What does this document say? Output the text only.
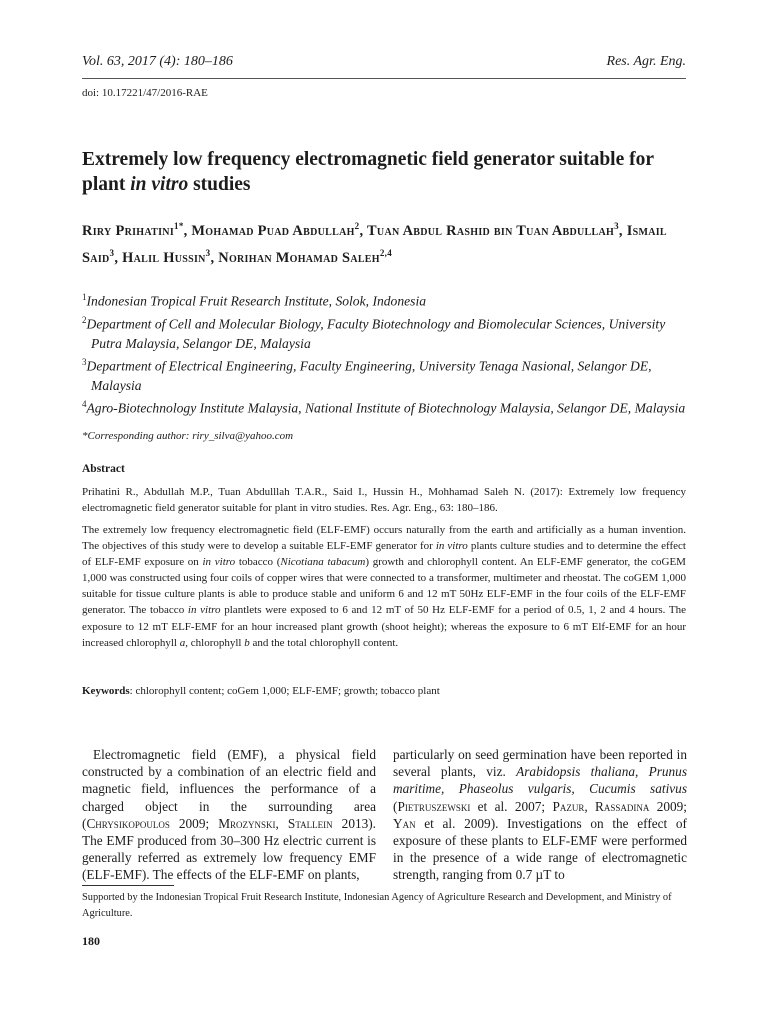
Vol. 63, 2017 (4): 180–186	Res. Agr. Eng.
doi: 10.17221/47/2016-RAE
Extremely low frequency electromagnetic field generator suitable for plant in vitro studies

Riry Prihatini$^{1*}$, Mohamad Puad Abdullah$^2$, Tuan Abdul Rashid bin Tuan Abdullah$^3$, Ismail Said$^3$, Halil Hussin$^3$, Norihan Mohamad Saleh$^{2,4}$

$^1$Indonesian Tropical Fruit Research Institute, Solok, Indonesia
$^2$Department of Cell and Molecular Biology, Faculty Biotechnology and Biomolecular Sciences, University Putra Malaysia, Selangor DE, Malaysia
$^3$Department of Electrical Engineering, Faculty Engineering, University Tenaga Nasional, Selangor DE, Malaysia
$^4$Agro-Biotechnology Institute Malaysia, National Institute of Biotechnology Malaysia, Selangor DE, Malaysia
*Corresponding author: riry_silva@yahoo.com
Abstract
Prihatini R., Abdullah M.P., Tuan Abdulllah T.A.R., Said I., Hussin H., Mohhamad Saleh N. (2017): Extremely low frequency electromagnetic field generator suitable for plant in vitro studies. Res. Agr. Eng., 63: 180–186.
The extremely low frequency electromagnetic field (ELF-EMF) occurs naturally from the earth and artificially as a human invention. The objectives of this study were to develop a suitable ELF-EMF generator for in vitro plants culture studies and to determine the effect of ELF-EMF exposure on in vitro tobacco (Nicotiana tabacum) growth and chlorophyll content. An ELF-EMF generator, the coGEM 1,000 was constructed using four coils of copper wires that were connected to a transformer, multimeter and rheostat. The coGEM 1,000 suitable for tissue culture plants is able to produce stable and uniform 6 and 12 mT 50Hz ELF-EMF in the four coils of the ELF-EMF generator. The tobacco in vitro plantlets were exposed to 6 and 12 mT of 50 Hz ELF-EMF for a period of 0.5, 1, 2 and 4 hours. The exposure to 12 mT ELF-EMF for an hour increased plant growth (shoot height); whereas the exposure to 6 mT Elf-EMF for an hour increased chlorophyll a, chlorophyll b and the total chlorophyll content.
Keywords: chlorophyll content; coGem 1,000; ELF-EMF; growth; tobacco plant
Electromagnetic field (EMF), a physical field constructed by a combination of an electric field and magnetic field, influences the performance of a charged object in the surrounding area (Chrysikopoulos 2009; Mrozynski, Stallein 2013). The EMF produced from 30–300 Hz electric current is generally referred as extremely low frequency EMF (ELF-EMF). The effects of the ELF-EMF on plants,
particularly on seed germination have been reported in several plants, viz. Arabidopsis thaliana, Prunus maritime, Phaseolus vulgaris, Cucumis sativus (Pietruszewski et al. 2007; Pazur, Rassadina 2009; Yan et al. 2009). Investigations on the effect of exposure of these plants to ELF-EMF were performed in the presence of a wide range of electromagnetic strength, ranging from 0.7 µT to
Supported by the Indonesian Tropical Fruit Research Institute, Indonesian Agency of Agriculture Research and Development, and Ministry of Agriculture.
180
